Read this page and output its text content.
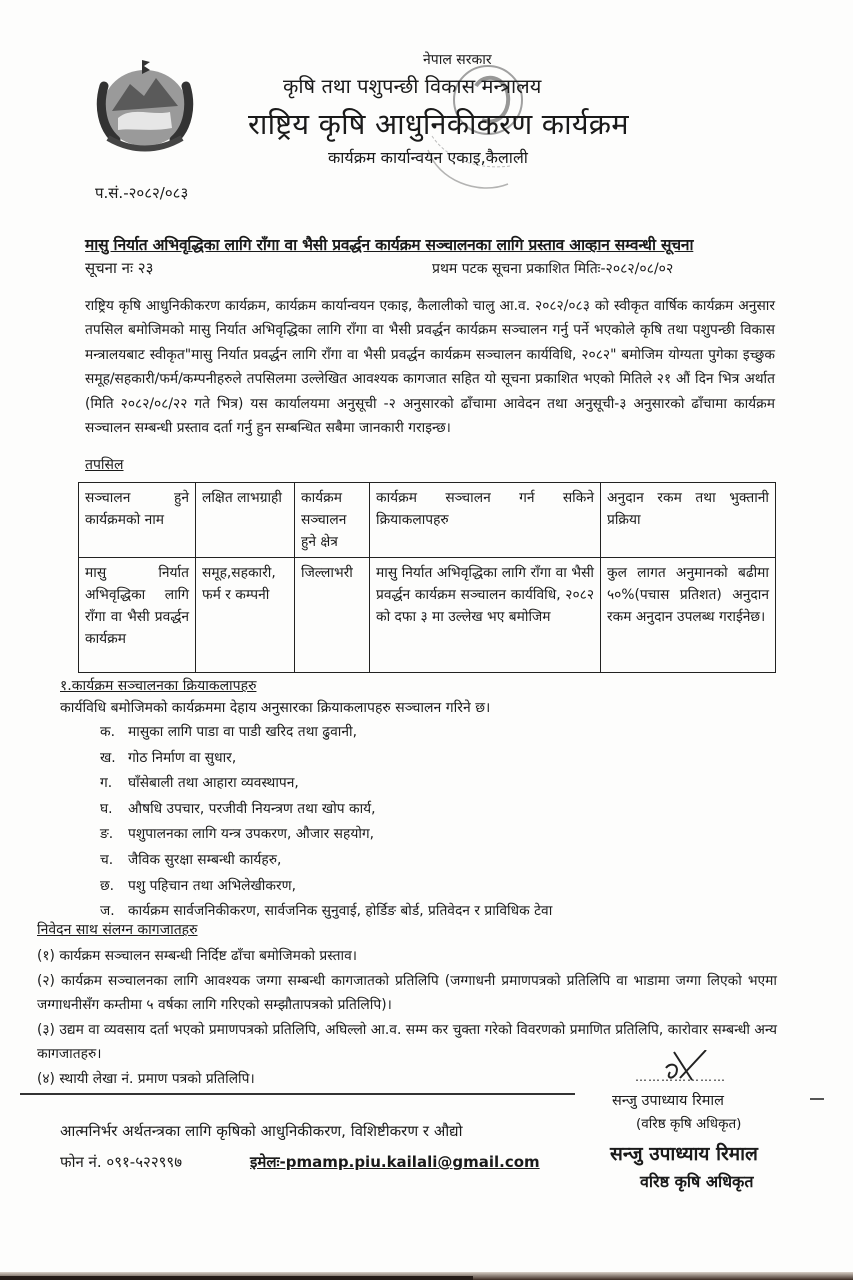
नेपाल सरकार
कृषि तथा पशुपन्छी विकास मन्त्रालय
राष्ट्रिय कृषि आधुनिकीकरण कार्यक्रम
कार्यक्रम कार्यान्वयन एकाइ,कैलाली
प.सं.-२०८२/०८३
मासु निर्यात अभिवृद्धिका लागि राँगा वा भैसी प्रवर्द्धन कार्यक्रम सञ्चालनका लागि प्रस्ताव आव्हान सम्वन्धी सूचना
सूचना नः २३	प्रथम पटक सूचना प्रकाशित मितिः-२०८२/०८/०२

राष्ट्रिय कृषि आधुनिकीकरण कार्यक्रम, कार्यक्रम कार्यान्वयन एकाइ, कैलालीको चालु आ.व. २०८२/०८३ को स्वीकृत वार्षिक कार्यक्रम अनुसार तपसिल बमोजिमको मासु निर्यात अभिवृद्धिका लागि राँगा वा भैसी प्रवर्द्धन कार्यक्रम सञ्चालन गर्नु पर्ने भएकोले कृषि तथा पशुपन्छी विकास मन्त्रालयबाट स्वीकृत"मासु निर्यात प्रवर्द्धन लागि राँगा वा भैसी प्रवर्द्धन कार्यक्रम सञ्चालन कार्यविधि, २०८२" बमोजिम योग्यता पुगेका इच्छुक समूह/सहकारी/फर्म/कम्पनीहरुले तपसिलमा उल्लेखित आवश्यक कागजात सहित यो सूचना प्रकाशित भएको मितिले २१ औं दिन भित्र अर्थात (मिति २०८२/०८/२२ गते भित्र) यस कार्यालयमा अनुसूची -२ अनुसारको ढाँचामा आवेदन तथा अनुसूची-३ अनुसारको ढाँचामा कार्यक्रम सञ्चालन सम्बन्धी प्रस्ताव दर्ता गर्नु हुन सम्बन्धित सबैमा जानकारी गराइन्छ।

तपसिल
सञ्चालन हुने कार्यक्रमको नाम	लक्षित लाभग्राही	कार्यक्रम सञ्चालन हुने क्षेत्र	कार्यक्रम सञ्चालन गर्न सकिने क्रियाकलापहरु	अनुदान रकम तथा भुक्तानी प्रक्रिया
मासु निर्यात अभिवृद्धिका लागि राँगा वा भैसी प्रवर्द्धन कार्यक्रम	समूह,सहकारी, फर्म र कम्पनी	जिल्लाभरी	मासु निर्यात अभिवृद्धिका लागि राँगा वा भैसी प्रवर्द्धन कार्यक्रम सञ्चालन कार्यविधि, २०८२ को दफा ३ मा उल्लेख भए बमोजिम	कुल लागत अनुमानको बढीमा ५०%(पचास प्रतिशत) अनुदान रकम अनुदान उपलब्ध गराईनेछ।
१.कार्यक्रम सञ्चालनका क्रियाकलापहरु
कार्यविधि बमोजिमको कार्यक्रममा देहाय अनुसारका क्रियाकलापहरु सञ्चालन गरिने छ।
क. मासुका लागि पाडा वा पाडी खरिद तथा ढुवानी,
ख. गोठ निर्माण वा सुधार,
ग. घाँसेबाली तथा आहारा व्यवस्थापन,
घ. औषधि उपचार, परजीवी नियन्त्रण तथा खोप कार्य,
ङ. पशुपालनका लागि यन्त्र उपकरण, औजार सहयोग,
च. जैविक सुरक्षा सम्बन्धी कार्यहरु,
छ. पशु पहिचान तथा अभिलेखीकरण,
ज. कार्यक्रम सार्वजनिकीकरण, सार्वजनिक सुनुवाई, होर्डिङ बोर्ड, प्रतिवेदन र प्राविधिक टेवा
निवेदन साथ संलग्न कागजातहरु
(१) कार्यक्रम सञ्चालन सम्बन्धी निर्दिष्ट ढाँचा बमोजिमको प्रस्ताव।
(२) कार्यक्रम सञ्चालनका लागि आवश्यक जग्गा सम्बन्धी कागजातको प्रतिलिपि (जग्गाधनी प्रमाणपत्रको प्रतिलिपि वा भाडामा जग्गा लिएको भएमा जग्गाधनीसँग कम्तीमा ५ वर्षका लागि गरिएको सम्झौतापत्रको प्रतिलिपि)।
(३) उद्यम वा व्यवसाय दर्ता भएको प्रमाणपत्रको प्रतिलिपि, अघिल्लो आ.व. सम्म कर चुक्ता गरेको विवरणको प्रमाणित प्रतिलिपि, कारोवार सम्बन्धी अन्य कागजातहरु।
(४) स्थायी लेखा नं. प्रमाण पत्रको प्रतिलिपि।	…………………
सन्जु उपाध्याय रिमाल
(वरिष्ठ कृषि अधिकृत)
सन्जु उपाध्याय रिमाल
वरिष्ठ कृषि अधिकृत
आत्मनिर्भर अर्थतन्त्रका लागि कृषिको आधुनिकीकरण, विशिष्टीकरण र औद्यो
फोन नं. ०९१-५२२९९७	इमेलः-pmamp.piu.kailali@gmail.com
